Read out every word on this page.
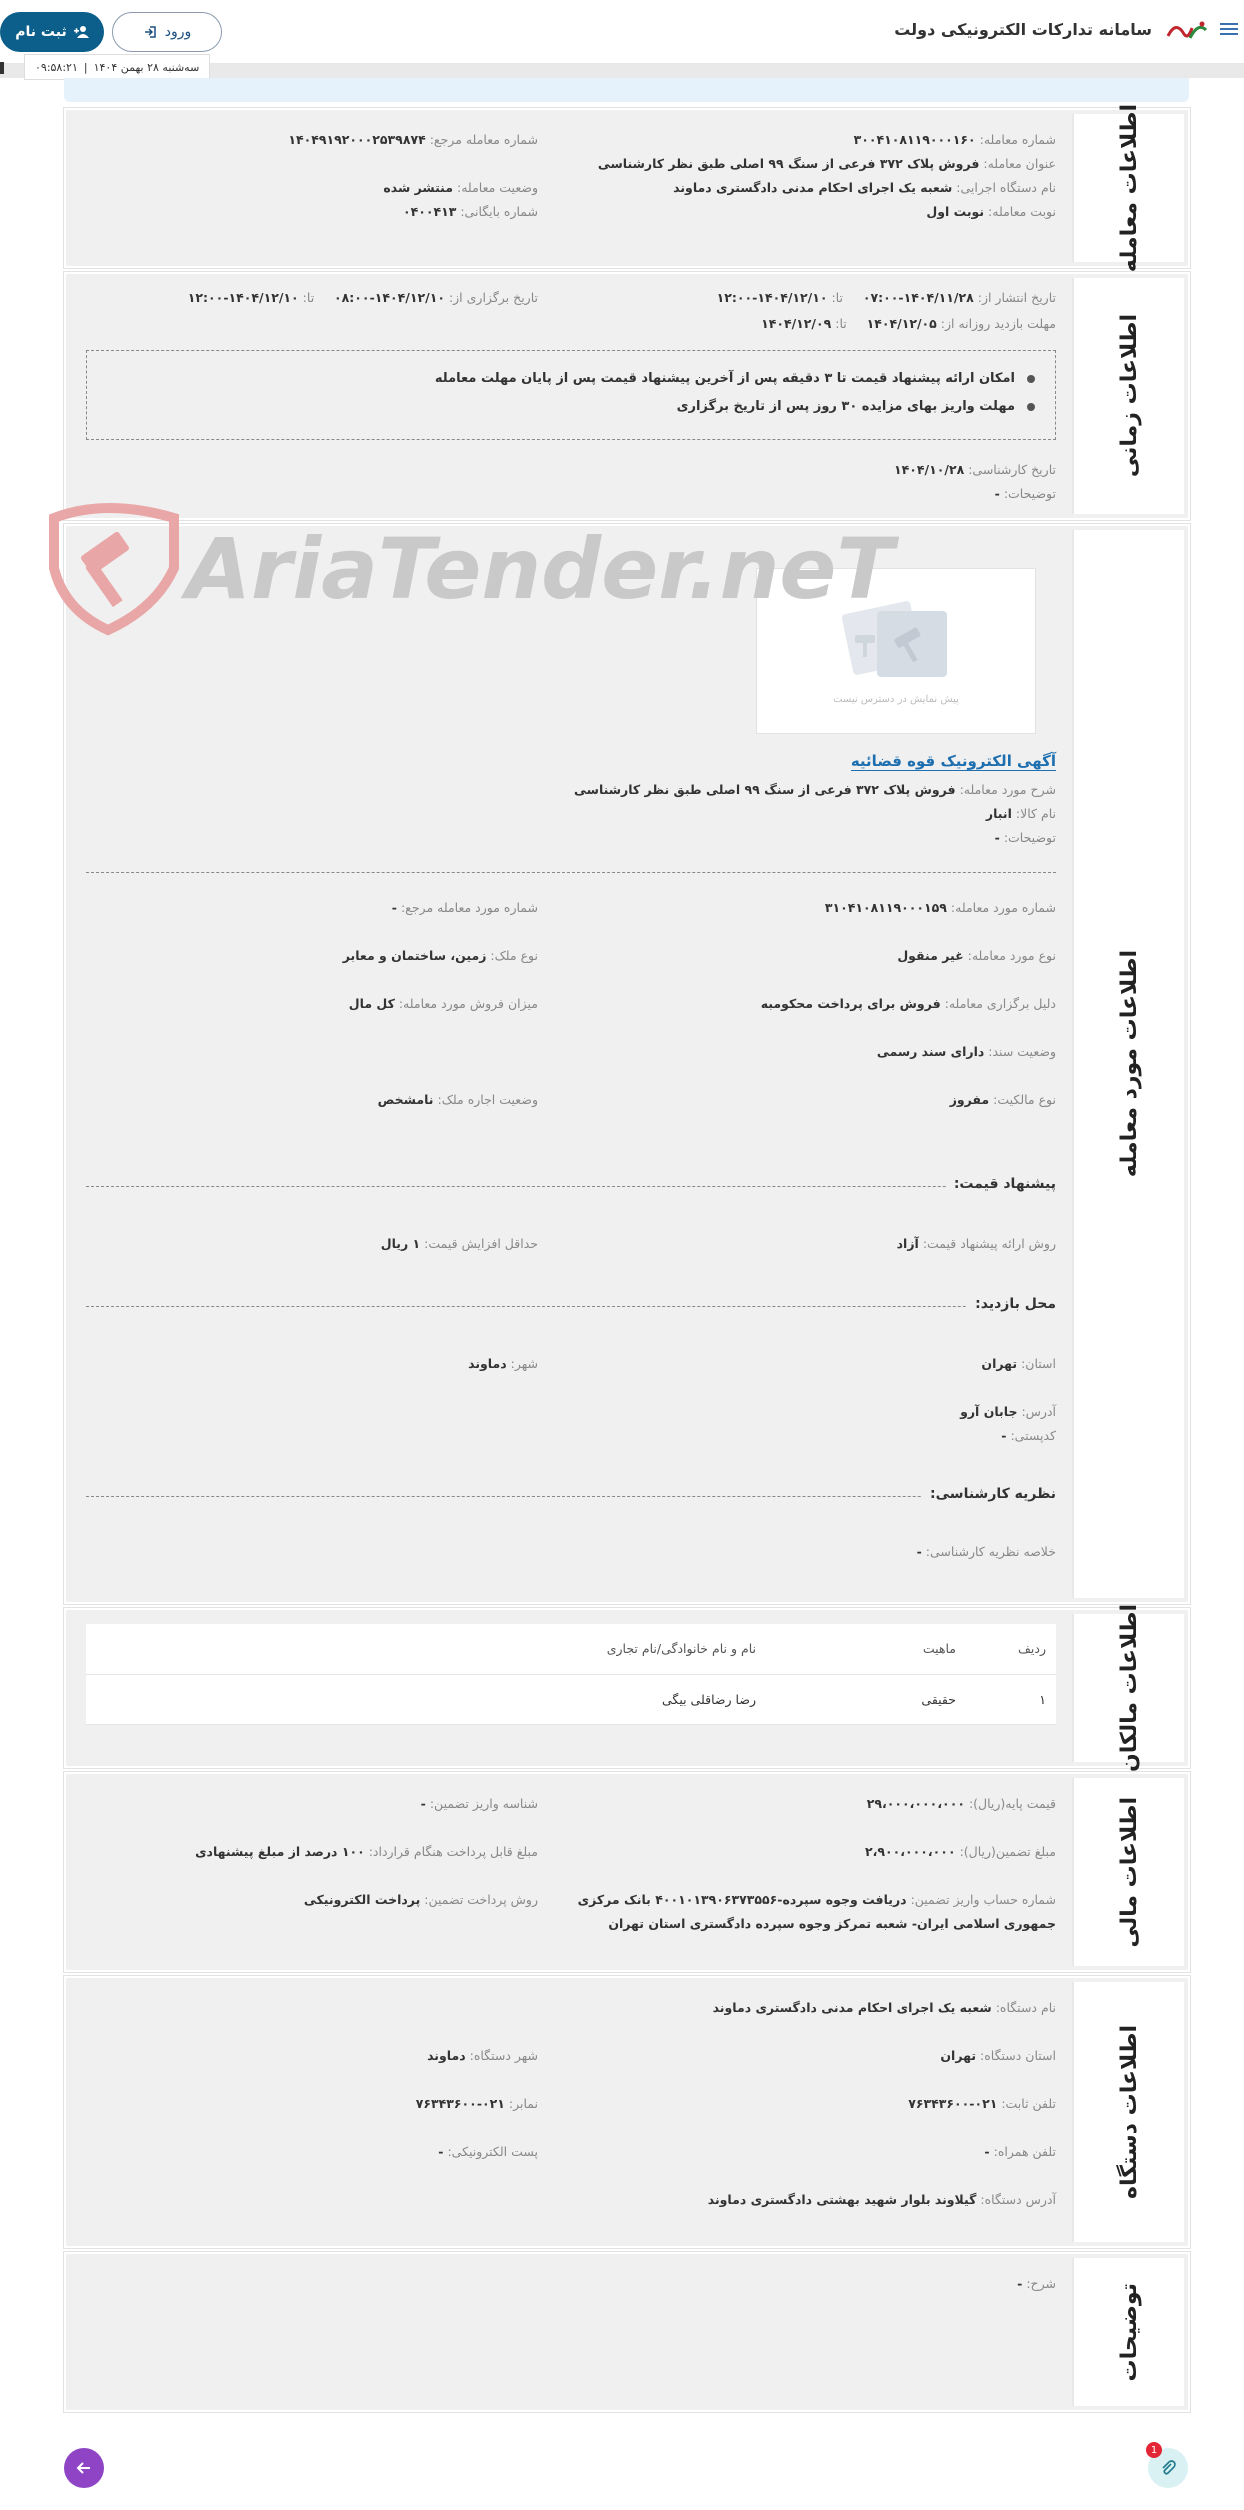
سامانه تدارکات الکترونیکی دولت
ثبت نام	ورود
سه‌شنبه ۲۸ بهمن ۱۴۰۴
|
۰۹:۵۸:۲۱
اطلاعات معامله
شماره معامله: ۳۰۰۴۱۰۸۱۱۹۰۰۰۱۶۰
شماره معامله مرجع: ۱۴۰۴۹۱۹۲۰۰۰۲۵۳۹۸۷۴
عنوان معامله: فروش پلاک ۳۷۲ فرعی از سنگ ۹۹ اصلی طبق نظر کارشناسی
نام دستگاه اجرایی: شعبه یک اجرای احکام مدنی دادگستری دماوند
وضعیت معامله: منتشر شده
نوبت معامله: نوبت اول
شماره بایگانی: ۰۴۰۰۴۱۳
اطلاعات زمانی
تاریخ انتشار از: ۱۴۰۴/۱۱/۲۸-۰۷:۰۰     تا: ۱۴۰۴/۱۲/۱۰-۱۲:۰۰
تاریخ برگزاری از: ۱۴۰۴/۱۲/۱۰-۰۸:۰۰     تا: ۱۴۰۴/۱۲/۱۰-۱۲:۰۰
مهلت بازدید روزانه از: ۱۴۰۴/۱۲/۰۵     تا: ۱۴۰۴/۱۲/۰۹
امکان ارائه پیشنهاد قیمت تا ۳ دقیقه پس از آخرین پیشنهاد قیمت پس از پایان مهلت معامله
مهلت واریز بهای مزایده ۳۰ روز پس از تاریخ برگزاری
تاریخ کارشناسی: ۱۴۰۴/۱۰/۲۸
توضیحات: -
اطلاعات مورد معامله
پیش نمایش در دسترس نیست
آگهی الکترونیک قوه قضائیه
شرح مورد معامله: فروش پلاک ۳۷۲ فرعی از سنگ ۹۹ اصلی طبق نظر کارشناسی
نام کالا: انبار
توضیحات: -
شماره مورد معامله: ۳۱۰۴۱۰۸۱۱۹۰۰۰۱۵۹
شماره مورد معامله مرجع: -
نوع مورد معامله: غیر منقول
نوع ملک: زمین، ساختمان و معابر
دلیل برگزاری معامله: فروش برای پرداخت محکومبه
میزان فروش مورد معامله: کل مال
وضعیت سند: دارای سند رسمی
نوع مالکیت: مفروز
وضعیت اجاره ملک: نامشخص
پیشنهاد قیمت:
روش ارائه پیشنهاد قیمت: آزاد
حداقل افزایش قیمت: ۱ ریال
محل بازدید:
استان: تهران
شهر: دماوند
آدرس: جابان آرو
کدپستی: -
نظریه کارشناسی:
خلاصه نظریه کارشناسی: -
AriaTender.neT
اطلاعات مالکان
ردیف	ماهیت	نام و نام خانوادگی/نام تجاری
۱	حقیقی	رضا رضاقلی بیگی
اطلاعات مالی
قیمت پایه(ریال): ۲۹،۰۰۰،۰۰۰،۰۰۰
شناسه واریز تضمین: -
مبلغ تضمین(ریال): ۲،۹۰۰،۰۰۰،۰۰۰
مبلغ قابل پرداخت هنگام قرارداد: ۱۰۰ درصد از مبلغ پیشنهادی
شماره حساب واریز تضمین: دریافت وجوه سپرده-۴۰۰۱۰۱۳۹۰۶۳۷۳۵۵۶ بانک مرکزی
جمهوری اسلامی ایران- شعبه تمرکز وجوه سپرده دادگستری استان تهران
روش پرداخت تضمین: پرداخت الکترونیکی
اطلاعات دستگاه
نام دستگاه: شعبه یک اجرای احکام مدنی دادگستری دماوند
استان دستگاه: تهران
شهر دستگاه: دماوند
تلفن ثابت: ۰۲۱-۷۶۳۴۳۶۰۰
نمابر: ۰۲۱-۷۶۳۴۳۶۰۰
تلفن همراه: -
پست الکترونیکی: -
آدرس دستگاه: گیلاوند بلوار شهید بهشتی دادگستری دماوند
توضیحات
شرح: -
1
